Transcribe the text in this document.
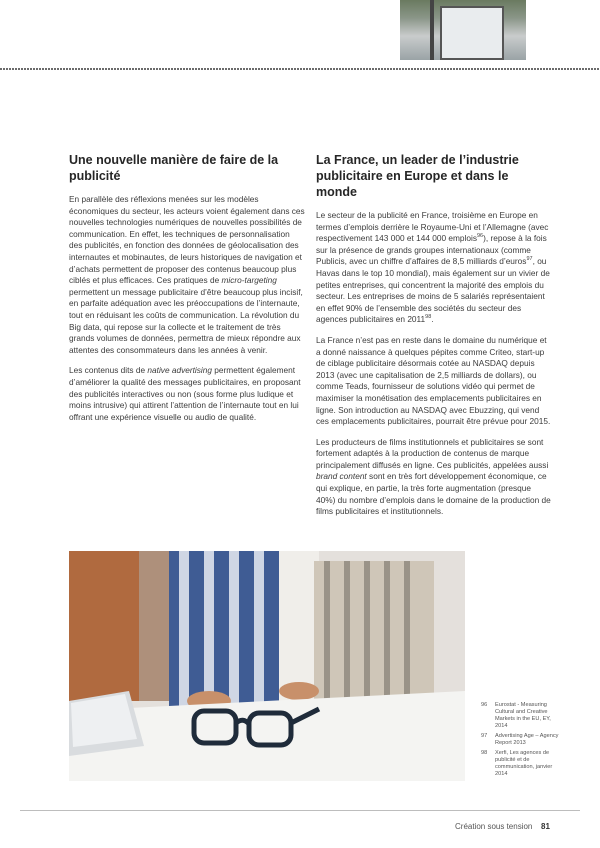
Une nouvelle manière de faire de la publicité

En parallèle des réflexions menées sur les modèles économiques du secteur, les acteurs voient également dans ces nouvelles technologies numériques de nouvelles possibilités de communication. En effet, les techniques de personnalisation des publicités, en fonction des données de géolocalisation des internautes et mobinautes, de leurs historiques de navigation et d’achats permettent de proposer des contenus beaucoup plus ciblés et plus efficaces. Ces pratiques de micro-targeting permettent un message publicitaire d’être beaucoup plus incisif, en parfaite adéquation avec les préoccupations de l’internaute, tout en réduisant les coûts de communication. La révolution du Big data, qui repose sur la collecte et le traitement de très grands volumes de données, permettra de mieux répondre aux attentes des consommateurs dans les années à venir.

Les contenus dits de native advertising permettent également d’améliorer la qualité des messages publicitaires, en proposant des publicités interactives ou non (sous forme plus ludique et moins intrusive) qui attirent l’attention de l’internaute tout en lui offrant une expérience visuelle ou audio de qualité.

La France, un leader de l’industrie publicitaire en Europe et dans le monde

Le secteur de la publicité en France, troisième en Europe en termes d’emplois derrière le Royaume-Uni et l’Allemagne (avec respectivement 143 000 et 144 000 emplois$^{96}$), repose à la fois sur la présence de grands groupes internationaux (comme Publicis, avec un chiffre d’affaires de 8,5 milliards d’euros$^{97}$, ou Havas dans le top 10 mondial), mais également sur un vivier de petites entreprises, qui concentrent la majorité des emplois du secteur. Les entreprises de moins de 5 salariés représentaient en effet 90% de l’ensemble des sociétés du secteur des agences publicitaires en 2011$^{98}$.

La France n’est pas en reste dans le domaine du numérique et a donné naissance à quelques pépites comme Criteo, start-up de ciblage publicitaire désormais cotée au NASDAQ depuis 2013 (avec une capitalisation de 2,5 milliards de dollars), ou comme Teads, fournisseur de solutions vidéo qui permet de maximiser la monétisation des emplacements publicitaires en ligne. Son introduction au NASDAQ avec Ebuzzing, qui vend ces emplacements publicitaires, pourrait être prévue pour 2015.

Les producteurs de films institutionnels et publicitaires se sont fortement adaptés à la production de contenus de marque principalement diffusés en ligne. Ces publicités, appelées aussi brand content sont en très fort développement économique, ce qui explique, en partie, la très forte augmentation (presque 40%) du nombre d’emplois dans le domaine de la production de films publicitaires et institutionnels.

96	Eurostat - Measuring Cultural and Creative Markets in the EU, EY, 2014
97	Advertising Age – Agency Report 2013
98	Xerfi, Les agences de publicité et de communication, janvier 2014
Création sous tension 81
